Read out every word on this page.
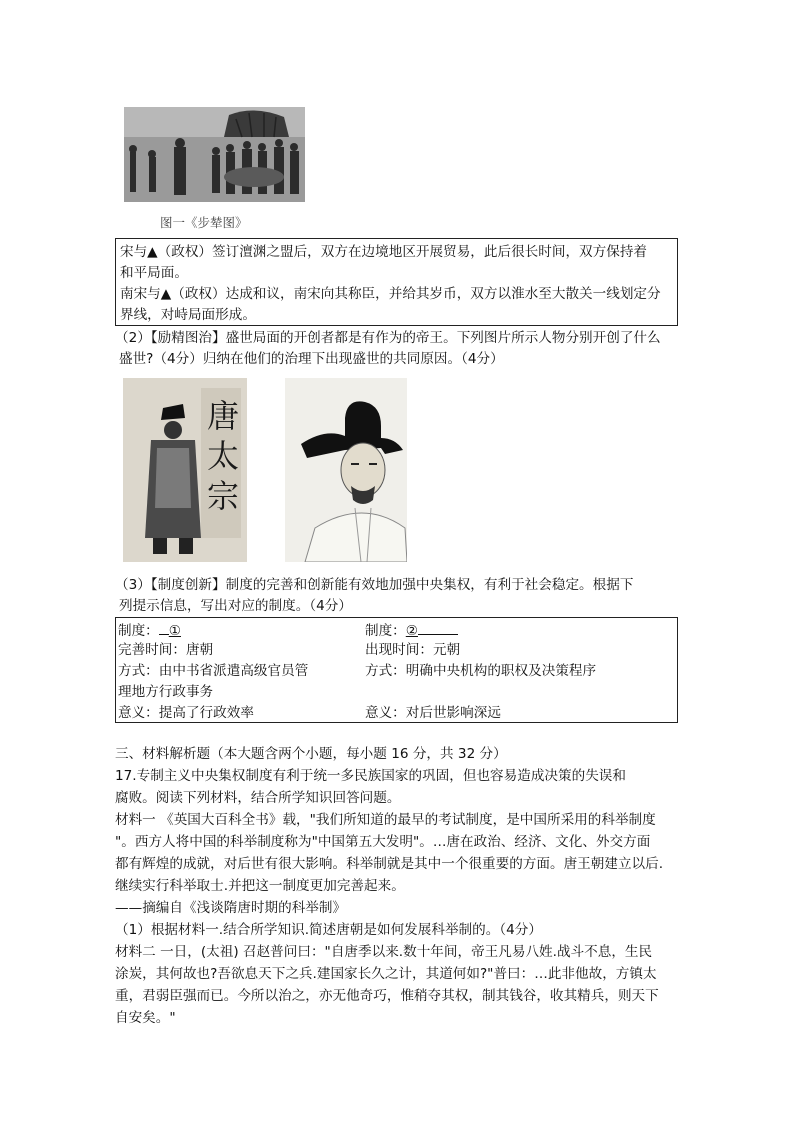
图一《步辇图》
宋与▲（政权）签订澶渊之盟后，双方在边境地区开展贸易，此后很长时间，双方保持着
和平局面。
南宋与▲（政权）达成和议，南宋向其称臣，并给其岁币，双方以淮水至大散关一线划定分
界线，对峙局面形成。
（2）【励精图治】盛世局面的开创者都是有作为的帝王。下列图片所示人物分别开创了什么
盛世?（4分）归纳在他们的治理下出现盛世的共同原因。（4分）
唐太宗
（3）【制度创新】制度的完善和创新能有效地加强中央集权，有利于社会稳定。根据下
列提示信息，写出对应的制度。（4分）
制度： ①
完善时间：唐朝
方式：由中书省派遣高级官员管
理地方行政事务
意义：提高了行政效率
制度：②
出现时间：元朝
方式：明确中央机构的职权及决策程序
意义：对后世影响深远
三、材料解析题（本大题含两个小题，每小题 16 分，共 32 分）
17.专制主义中央集权制度有利于统一多民族国家的巩固，但也容易造成决策的失误和
腐败。阅读下列材料，结合所学知识回答问题。
材料一 《英国大百科全书》载，"我们所知道的最早的考试制度，是中国所采用的科举制度
"。西方人将中国的科举制度称为"中国第五大发明"。…唐在政治、经济、文化、外交方面
都有辉煌的成就，对后世有很大影响。科举制就是其中一个很重要的方面。唐王朝建立以后.
继续实行科举取士.并把这一制度更加完善起来。
——摘编自《浅谈隋唐时期的科举制》
（1）根据材料一.结合所学知识.简述唐朝是如何发展科举制的。（4分）
材料二 一日，(太祖) 召赵普问曰："自唐季以来.数十年间，帝王凡易八姓.战斗不息，生民
涂炭，其何故也?吾欲息天下之兵.建国家长久之计，其道何如?"普曰：…此非他故，方镇太
重，君弱臣强而已。今所以治之，亦无他奇巧，惟稍夺其权，制其钱谷，收其精兵，则天下
自安矣。"
